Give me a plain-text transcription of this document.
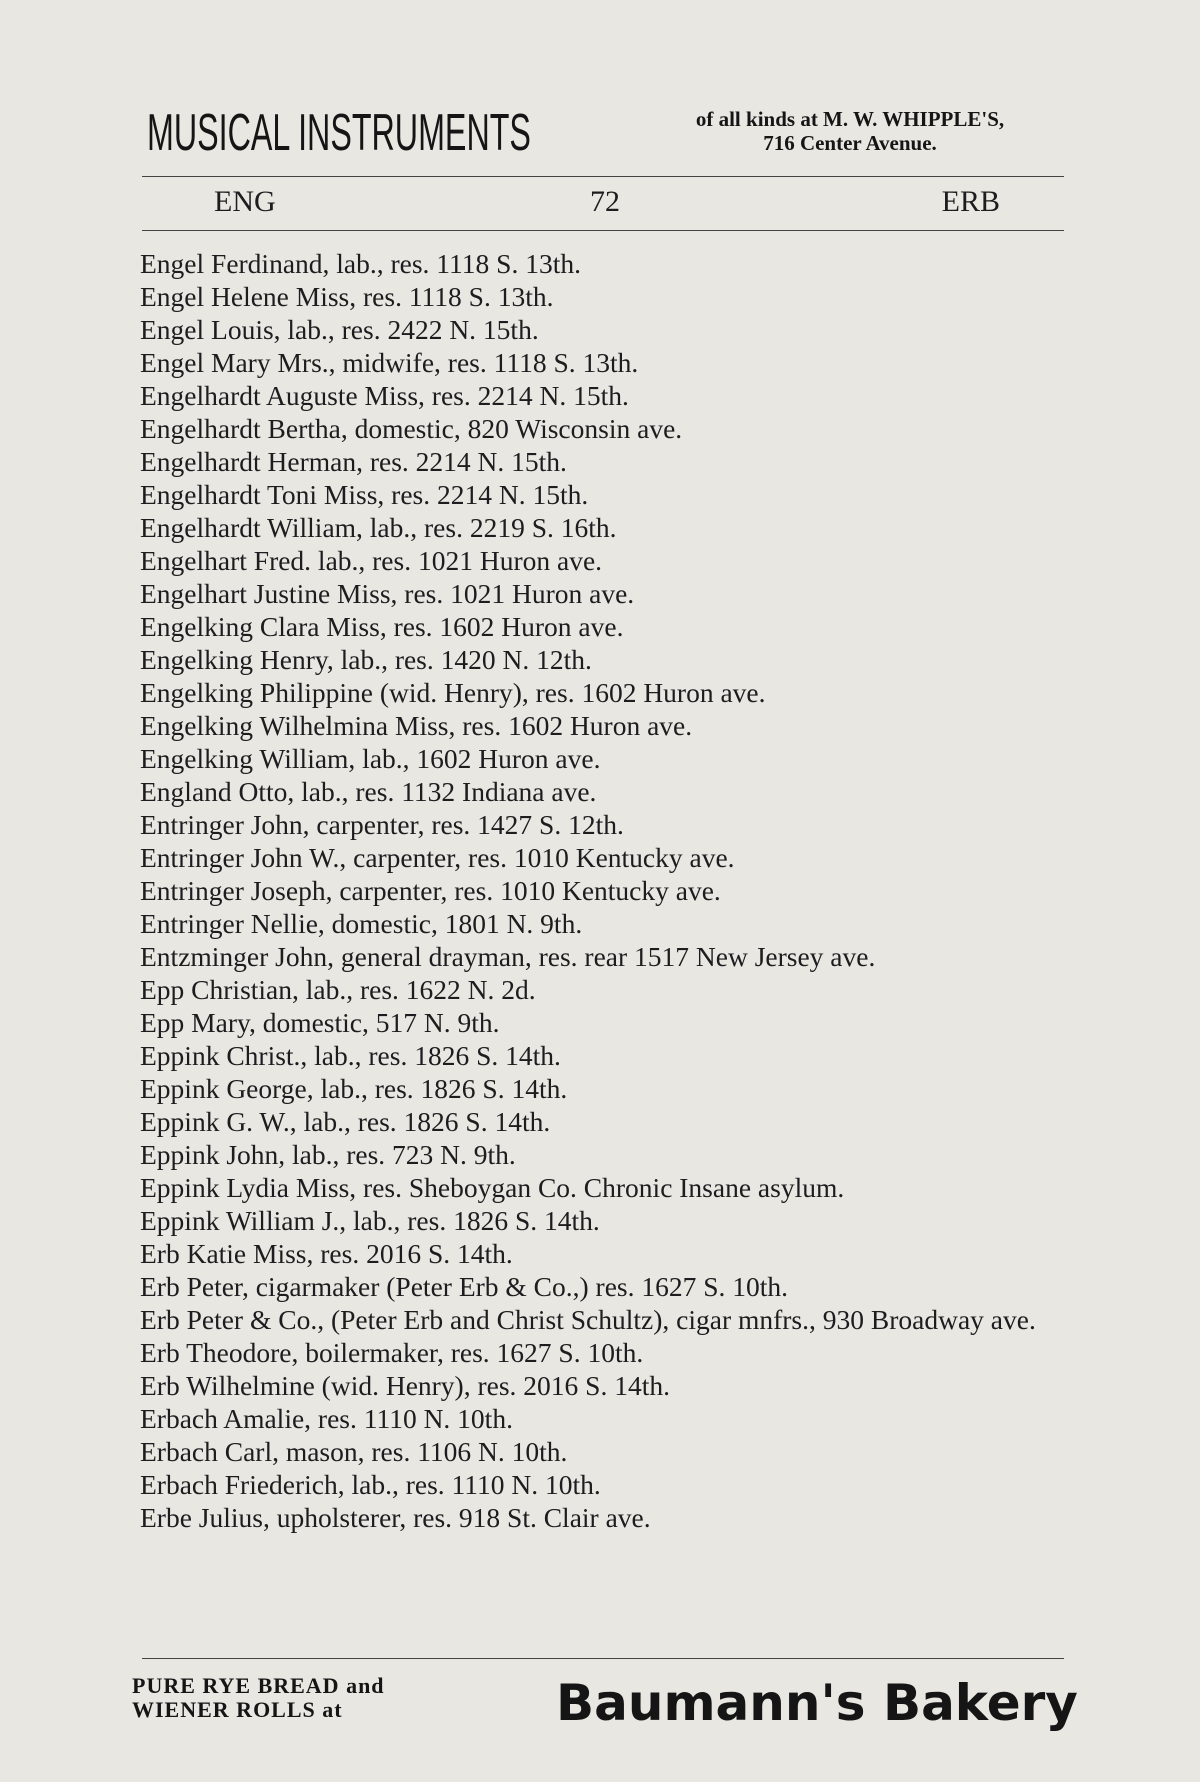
MUSICAL INSTRUMENTS	of all kinds at M. W. WHIPPLE'S,
716 Center Avenue.
ENG	72	ERB
Engel Ferdinand, lab., res. 1118 S. 13th.
Engel Helene Miss, res. 1118 S. 13th.
Engel Louis, lab., res. 2422 N. 15th.
Engel Mary Mrs., midwife, res. 1118 S. 13th.
Engelhardt Auguste Miss, res. 2214 N. 15th.
Engelhardt Bertha, domestic, 820 Wisconsin ave.
Engelhardt Herman, res. 2214 N. 15th.
Engelhardt Toni Miss, res. 2214 N. 15th.
Engelhardt William, lab., res. 2219 S. 16th.
Engelhart Fred. lab., res. 1021 Huron ave.
Engelhart Justine Miss, res. 1021 Huron ave.
Engelking Clara Miss, res. 1602 Huron ave.
Engelking Henry, lab., res. 1420 N. 12th.
Engelking Philippine (wid. Henry), res. 1602 Huron ave.
Engelking Wilhelmina Miss, res. 1602 Huron ave.
Engelking William, lab., 1602 Huron ave.
England Otto, lab., res. 1132 Indiana ave.
Entringer John, carpenter, res. 1427 S. 12th.
Entringer John W., carpenter, res. 1010 Kentucky ave.
Entringer Joseph, carpenter, res. 1010 Kentucky ave.
Entringer Nellie, domestic, 1801 N. 9th.
Entzminger John, general drayman, res. rear 1517 New Jersey ave.
Epp Christian, lab., res. 1622 N. 2d.
Epp Mary, domestic, 517 N. 9th.
Eppink Christ., lab., res. 1826 S. 14th.
Eppink George, lab., res. 1826 S. 14th.
Eppink G. W., lab., res. 1826 S. 14th.
Eppink John, lab., res. 723 N. 9th.
Eppink Lydia Miss, res. Sheboygan Co. Chronic Insane asylum.
Eppink William J., lab., res. 1826 S. 14th.
Erb Katie Miss, res. 2016 S. 14th.
Erb Peter, cigarmaker (Peter Erb & Co.,) res. 1627 S. 10th.
Erb Peter & Co., (Peter Erb and Christ Schultz), cigar mnfrs., 930 Broadway ave.
Erb Theodore, boilermaker, res. 1627 S. 10th.
Erb Wilhelmine (wid. Henry), res. 2016 S. 14th.
Erbach Amalie, res. 1110 N. 10th.
Erbach Carl, mason, res. 1106 N. 10th.
Erbach Friederich, lab., res. 1110 N. 10th.
Erbe Julius, upholsterer, res. 918 St. Clair ave.
PURE RYE BREAD and
WIENER ROLLS at	Baumann's Bakery
